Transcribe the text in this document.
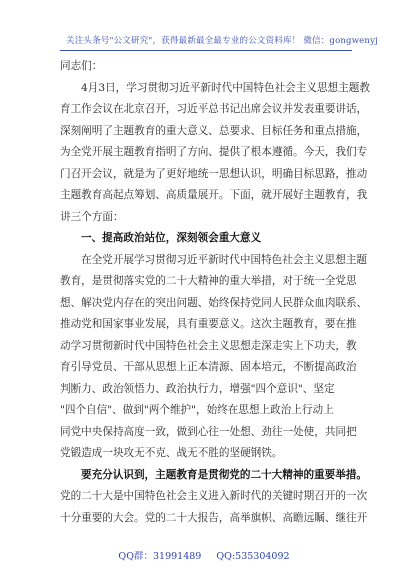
关注头条号"公文研究"，获得最新最全最专业的公文资料库！ 微信：gongwenyj
同志们：
4月3日，学习贯彻习近平新时代中国特色社会主义思想主题教
育工作会议在北京召开，习近平总书记出席会议并发表重要讲话，
深刻阐明了主题教育的重大意义、总要求、目标任务和重点措施，
为全党开展主题教育指明了方向、提供了根本遵循。今天，我们专
门召开会议，就是为了更好地统一思想认识，明确目标思路，推动
主题教育高起点筹划、高质量展开。下面，就开展好主题教育，我
讲三个方面：
一、提高政治站位，深刻领会重大意义
在全党开展学习贯彻习近平新时代中国特色社会主义思想主题
教育，是贯彻落实党的二十大精神的重大举措，对于统一全党思
想、解决党内存在的突出问题、始终保持党同人民群众血肉联系、
推动党和国家事业发展，具有重要意义。这次主题教育，要在推
动学习贯彻新时代中国特色社会主义思想走深走实上下功夫，教
育引导党员、干部从思想上正本清源、固本培元，不断提高政治
判断力、政治领悟力、政治执行力，增强"四个意识"、坚定
"四个自信"、做到"两个维护"，始终在思想上政治上行动上
同党中央保持高度一致，做到心往一处想、劲往一处使，共同把
党锻造成一块攻无不克、战无不胜的坚硬钢铁。
要充分认识到，主题教育是贯彻党的二十大精神的重要举措。
党的二十大是中国特色社会主义进入新时代的关键时期召开的一次
十分重要的大会。党的二十大报告，高举旗帜、高瞻远瞩、继往开
QQ群：31991489 QQ:535304092
